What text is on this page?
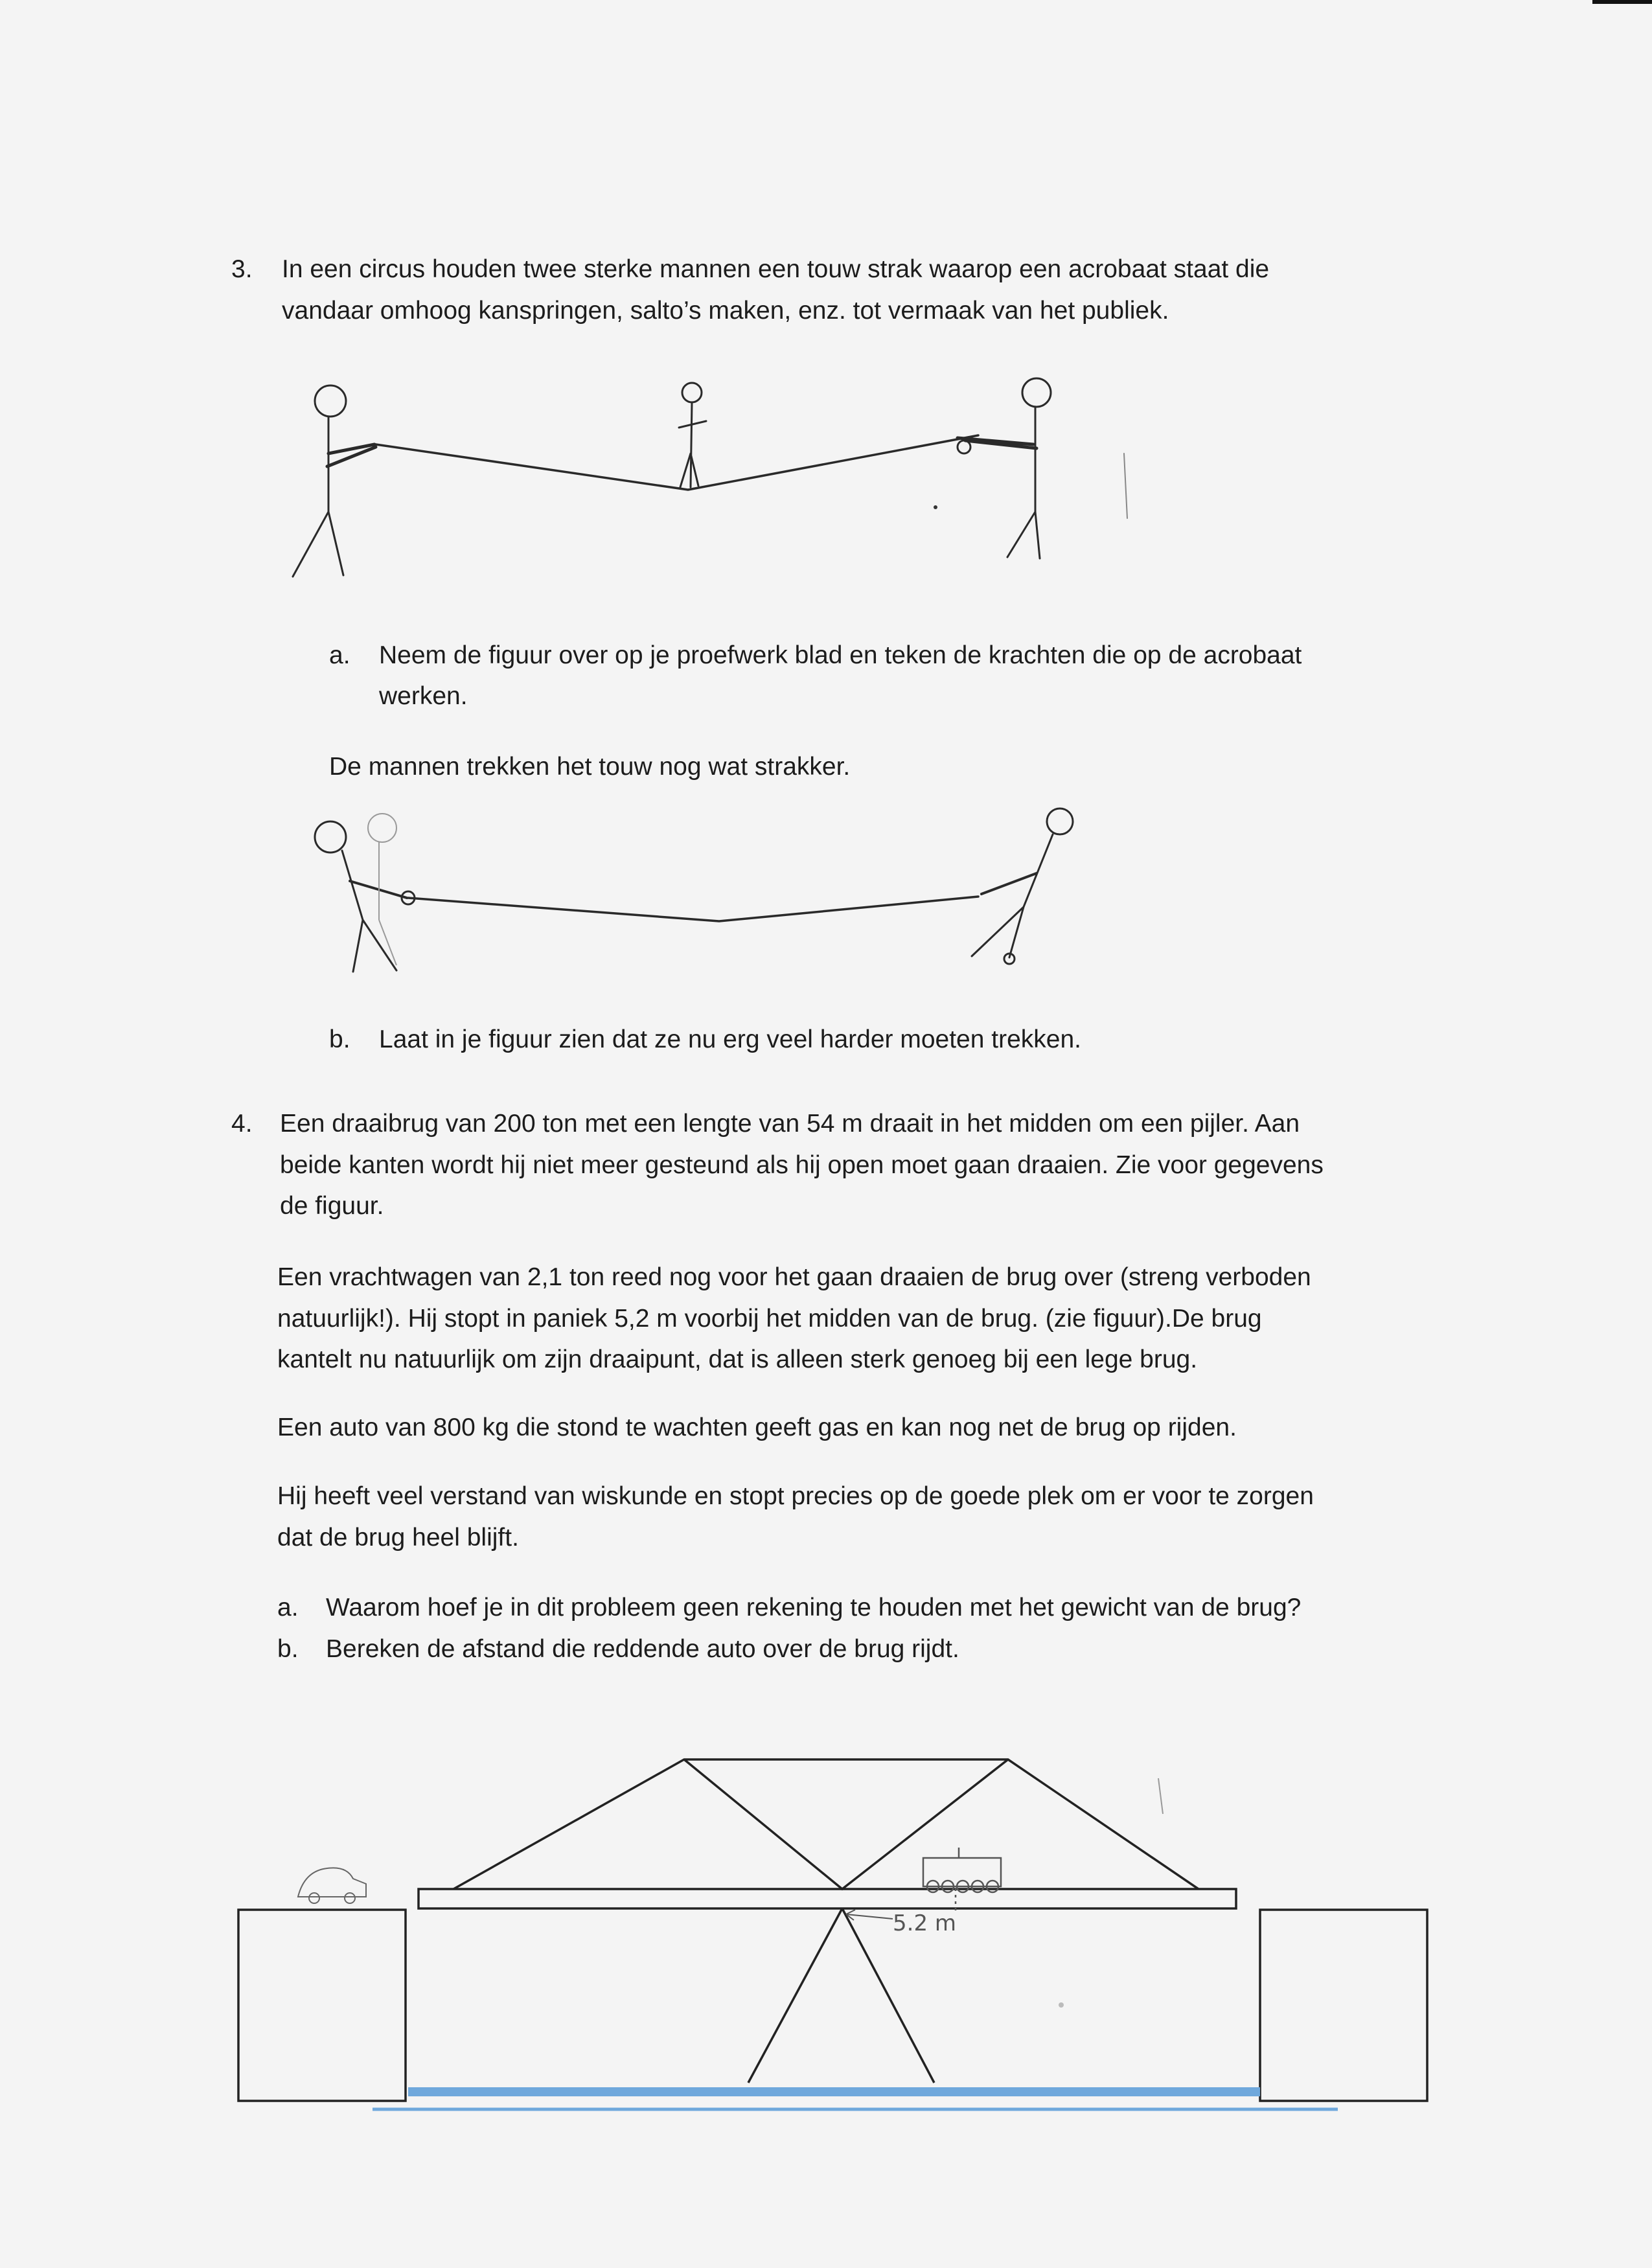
3. In een circus houden twee sterke mannen een touw strak waarop een acrobaat staat die
vandaar omhoog kanspringen, salto’s maken, enz. tot vermaak van het publiek.
a. Neem de figuur over op je proefwerk blad en teken de krachten die op de acrobaat
werken.
De mannen trekken het touw nog wat strakker.
b. Laat in je figuur zien dat ze nu erg veel harder moeten trekken.
4. Een draaibrug van 200 ton met een lengte van 54 m draait in het midden om een pijler. Aan
beide kanten wordt hij niet meer gesteund als hij open moet gaan draaien. Zie voor gegevens
de figuur.
Een vrachtwagen van 2,1 ton reed nog voor het gaan draaien de brug over (streng verboden
natuurlijk!). Hij stopt in paniek 5,2 m voorbij het midden van de brug. (zie figuur).De brug
kantelt nu natuurlijk om zijn draaipunt, dat is alleen sterk genoeg bij een lege brug.
Een auto van 800 kg die stond te wachten geeft gas en kan nog net de brug op rijden.
Hij heeft veel verstand van wiskunde en stopt precies op de goede plek om er voor te zorgen
dat de brug heel blijft.
a. Waarom hoef je in dit probleem geen rekening te houden met het gewicht van de brug?
b. Bereken de afstand die reddende auto over de brug rijdt.
5.2 m
